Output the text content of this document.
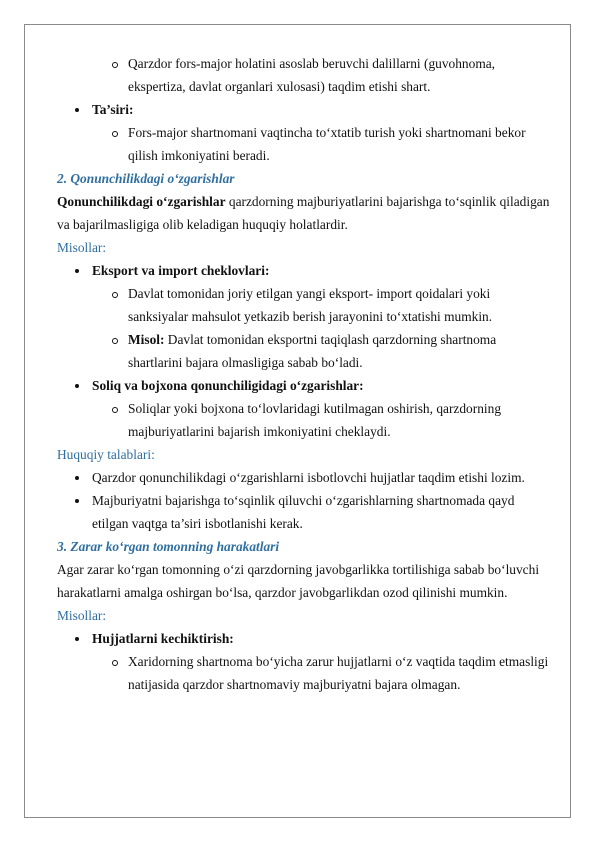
Qarzdor fors-major holatini asoslab beruvchi dalillarni (guvohnoma, ekspertiza, davlat organlari xulosasi) taqdim etishi shart.
Ta’siri:
Fors-major shartnomani vaqtincha to‘xtatib turish yoki shartnomani bekor qilish imkoniyatini beradi.

2. Qonunchilikdagi o‘zgarishlar

Qonunchilikdagi o‘zgarishlar qarzdorning majburiyatlarini bajarishga to‘sqinlik qiladigan va bajarilmasligiga olib keladigan huquqiy holatlardir.

Misollar:

Eksport va import cheklovlari:
Davlat tomonidan joriy etilgan yangi eksport- import qoidalari yoki sanksiyalar mahsulot yetkazib berish jarayonini to‘xtatishi mumkin.
Misol: Davlat tomonidan eksportni taqiqlash qarzdorning shartnoma shartlarini bajara olmasligiga sabab bo‘ladi.
Soliq va bojxona qonunchiligidagi o‘zgarishlar:
Soliqlar yoki bojxona to‘lovlaridagi kutilmagan oshirish, qarzdorning majburiyatlarini bajarish imkoniyatini cheklaydi.

Huquqiy talablari:

Qarzdor qonunchilikdagi o‘zgarishlarni isbotlovchi hujjatlar taqdim etishi lozim.
Majburiyatni bajarishga to‘sqinlik qiluvchi o‘zgarishlarning shartnomada qayd etilgan vaqtga ta’siri isbotlanishi kerak.

3. Zarar ko‘rgan tomonning harakatlari

Agar zarar ko‘rgan tomonning o‘zi qarzdorning javobgarlikka tortilishiga sabab bo‘luvchi harakatlarni amalga oshirgan bo‘lsa, qarzdor javobgarlikdan ozod qilinishi mumkin.

Misollar:

Hujjatlarni kechiktirish:
Xaridorning shartnoma bo‘yicha zarur hujjatlarni o‘z vaqtida taqdim etmasligi natijasida qarzdor shartnomaviy majburiyatni bajara olmagan.
